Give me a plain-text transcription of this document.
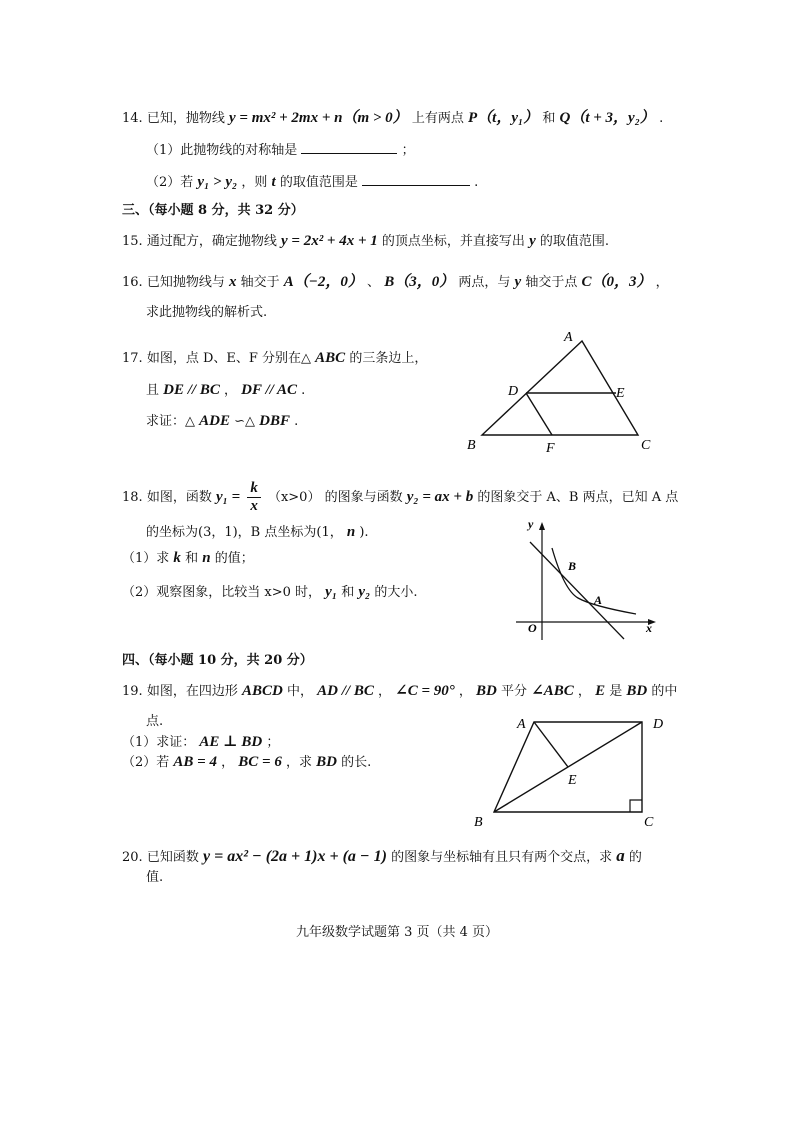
14. 已知，抛物线 y = mx² + 2mx + n（m > 0） 上有两点 P（t，y₁） 和 Q（t + 3，y₂） .
（1）此抛物线的对称轴是	；
（2）若 y₁ > y₂ ，则 t 的取值范围是	.
三、（每小题 8 分，共 32 分）
15. 通过配方，确定抛物线 y = 2x² + 4x + 1 的顶点坐标，并直接写出 y 的取值范围.
16. 已知抛物线与 x 轴交于 A（−2，0） 、 B（3，0） 两点，与 y 轴交于点 C（0，3） ，
求此抛物线的解析式.
17. 如图，点 D、E、F 分别在△ ABC 的三条边上，
且 DE // BC ， DF // AC .
求证：△ ADE ∽△ DBF .
A
D	E
B	F	C
18. 如图，函数 $y_1 = \frac{k}{x} (x>0)$ 的图象与函数 y₂ = ax + b 的图象交于 A、B 两点，已知 A 点
的坐标为(3，1)，B 点坐标为(1， n ).
（1）求 k 和 n 的值；
（2）观察图象，比较当 x>0 时， y₁ 和 y₂ 的大小.
y
x
O
B
A
四、（每小题 10 分，共 20 分）
19. 如图，在四边形 ABCD 中， AD // BC ， ∠C = 90° ， BD 平分 ∠ABC ， E 是 BD 的中
点.
（1）求证： AE ⊥ BD ；
（2）若 AB = 4 ， BC = 6 ，求 BD 的长.
A	D
E
B	C
20. 已知函数 y = ax² − (2a + 1)x + (a − 1) 的图象与坐标轴有且只有两个交点，求 a 的
值.
九年级数学试题第 3 页（共 4 页）
